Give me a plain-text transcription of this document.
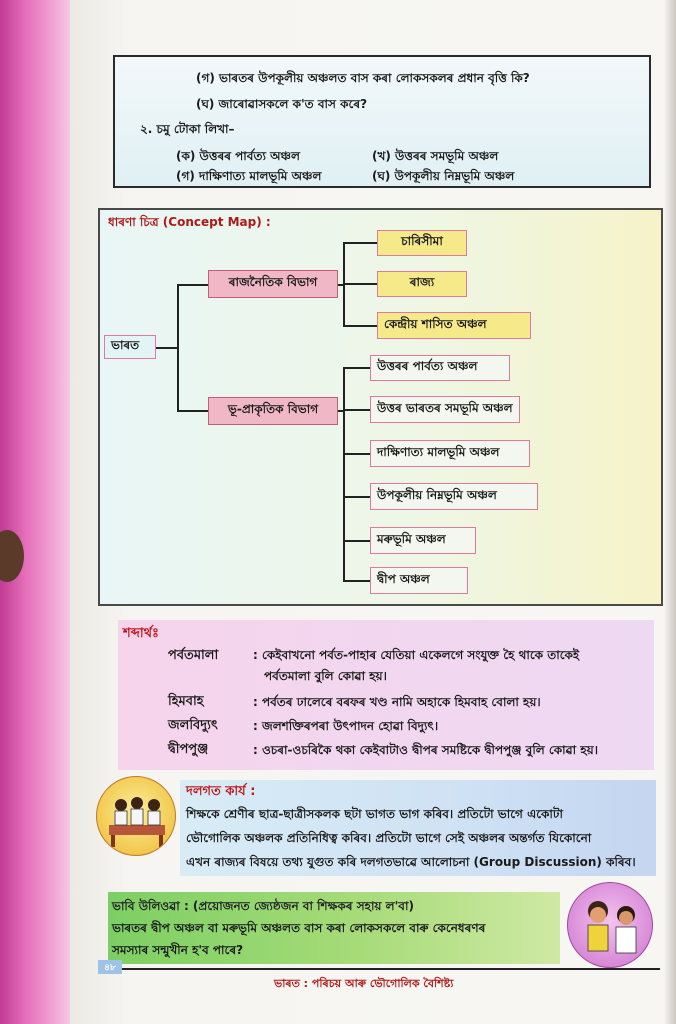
(গ) ভাৰতৰ উপকূলীয় অঞ্চলত বাস কৰা লোকসকলৰ প্ৰধান বৃত্তি কি?
(ঘ) জাৰোৱাসকলে ক'ত বাস কৰে?
২. চমু টোকা লিখা–
(ক) উত্তৰৰ পাৰ্বত্য অঞ্চল	(খ) উত্তৰৰ সমভূমি অঞ্চল
(গ) দাক্ষিণাত্য মালভূমি অঞ্চল	(ঘ) উপকূলীয় নিম্নভূমি অঞ্চল
ধাৰণা চিত্ৰ (Concept Map) :
ভাৰত
ৰাজনৈতিক বিভাগ
ভূ-প্ৰাকৃতিক বিভাগ
চাৰিসীমা
ৰাজ্য
কেন্দ্ৰীয় শাসিত অঞ্চল
উত্তৰৰ পাৰ্বত্য অঞ্চল
উত্তৰ ভাৰতৰ সমভূমি অঞ্চল
দাক্ষিণাত্য মালভূমি অঞ্চল
উপকূলীয় নিম্নভূমি অঞ্চল
মৰুভূমি অঞ্চল
দ্বীপ অঞ্চল
শব্দাৰ্থঃ
পৰ্বতমালা	: কেইবাখনো পৰ্বত-পাহাৰ যেতিয়া একেলগে সংযুক্ত হৈ থাকে তাকেই
পৰ্বতমালা বুলি কোৱা হয়।
হিমবাহ	: পৰ্বতৰ ঢালেৰে বৰফৰ খণ্ড নামি অহাকে হিমবাহ বোলা হয়।
জলবিদ্যুৎ	: জলশক্তিৰপৰা উৎপাদন হোৱা বিদ্যুৎ।
দ্বীপপুঞ্জ	: ওচৰা-ওচৰিকৈ থকা কেইবাটাও দ্বীপৰ সমষ্টিকে দ্বীপপুঞ্জ বুলি কোৱা হয়।
দলগত কাৰ্য :
শিক্ষকে শ্ৰেণীৰ ছাত্ৰ-ছাত্ৰীসকলক ছটা ভাগত ভাগ কৰিব। প্ৰতিটো ভাগে একোটা
ভৌগোলিক অঞ্চলক প্ৰতিনিধিত্ব কৰিব। প্ৰতিটো ভাগে সেই অঞ্চলৰ অন্তৰ্গত যিকোনো
এখন ৰাজ্যৰ বিষয়ে তথ্য যুগুত কৰি দলগতভাৱে আলোচনা (Group Discussion) কৰিব।
ভাবি উলিওৱা : (প্ৰয়োজনত জ্যেষ্ঠজন বা শিক্ষকৰ সহায় ল'বা)
ভাৰতৰ দ্বীপ অঞ্চল বা মৰুভূমি অঞ্চলত বাস কৰা লোকসকলে বাৰু কেনেধৰণৰ
সমস্যাৰ সন্মুখীন হ'ব পাৰে?
৪৮
ভাৰত : পৰিচয় আৰু ভৌগোলিক বৈশিষ্ট্য
